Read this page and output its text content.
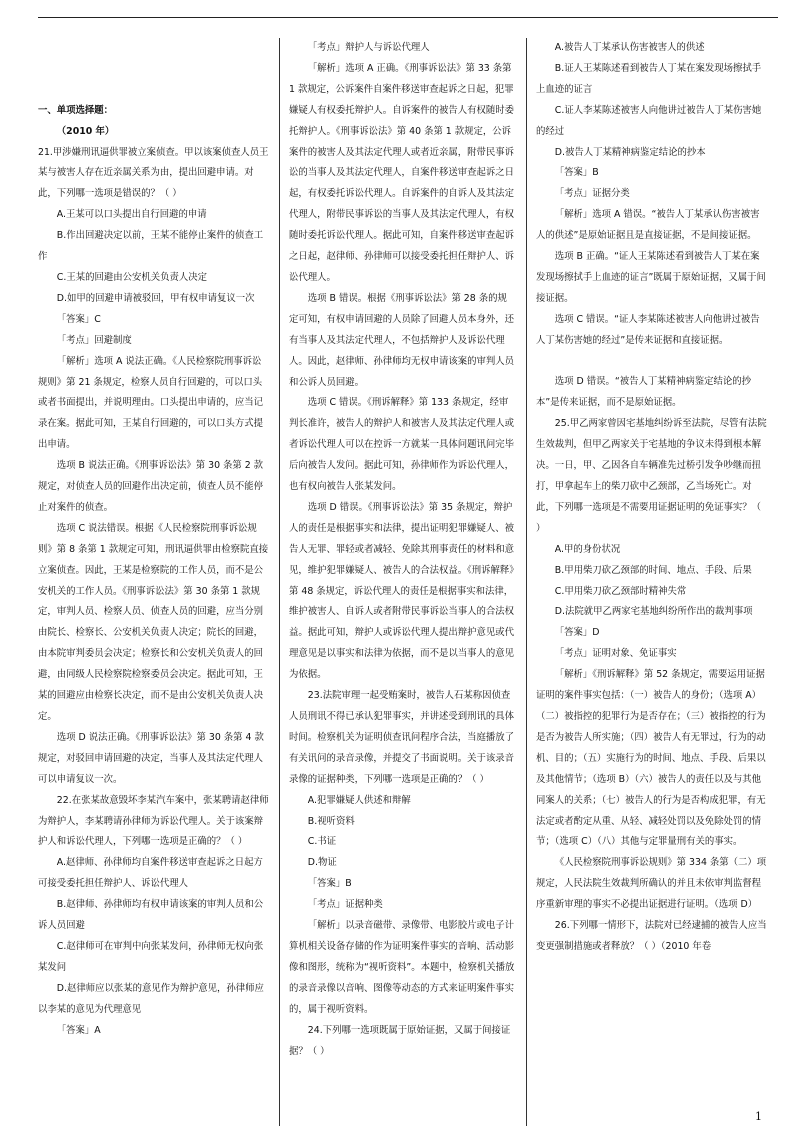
一、单项选择题：

（2010 年）

21.甲涉嫌刑讯逼供罪被立案侦查。甲以该案侦查人员王某与被害人存在近亲属关系为由，提出回避申请。对此，下列哪一选项是错误的？（ ）

A.王某可以口头提出自行回避的申请

B.作出回避决定以前，王某不能停止案件的侦查工作

C.王某的回避由公安机关负责人决定

D.如甲的回避申请被驳回，甲有权申请复议一次

「答案」C

「考点」回避制度

「解析」选项 A 说法正确。《人民检察院刑事诉讼规则》第 21 条规定，检察人员自行回避的，可以口头或者书面提出，并说明理由。口头提出申请的，应当记录在案。据此可知，王某自行回避的，可以口头方式提出申请。

选项 B 说法正确。《刑事诉讼法》第 30 条第 2 款规定，对侦查人员的回避作出决定前，侦查人员不能停止对案件的侦查。

选项 C 说法错误。根据《人民检察院刑事诉讼规则》第 8 条第 1 款规定可知，刑讯逼供罪由检察院直接立案侦查。因此，王某是检察院的工作人员，而不是公安机关的工作人员。《刑事诉讼法》第 30 条第 1 款规定，审判人员、检察人员、侦查人员的回避，应当分别由院长、检察长、公安机关负责人决定；院长的回避，由本院审判委员会决定；检察长和公安机关负责人的回避，由同级人民检察院检察委员会决定。据此可知，王某的回避应由检察长决定，而不是由公安机关负责人决定。

选项 D 说法正确。《刑事诉讼法》第 30 条第 4 款规定，对驳回申请回避的决定，当事人及其法定代理人可以申请复议一次。

22.在张某故意毁坏李某汽车案中，张某聘请赵律师为辩护人，李某聘请孙律师为诉讼代理人。关于该案辩护人和诉讼代理人，下列哪一选项是正确的？（ ）

A.赵律师、孙律师均自案件移送审查起诉之日起方可接受委托担任辩护人、诉讼代理人

B.赵律师、孙律师均有权申请该案的审判人员和公诉人员回避

C.赵律师可在审判中向张某发问，孙律师无权向张某发问

D.赵律师应以张某的意见作为辩护意见，孙律师应以李某的意见为代理意见

「答案」A

「考点」辩护人与诉讼代理人

「解析」选项 A 正确。《刑事诉讼法》第 33 条第 1 款规定，公诉案件自案件移送审查起诉之日起，犯罪嫌疑人有权委托辩护人。自诉案件的被告人有权随时委托辩护人。《刑事诉讼法》第 40 条第 1 款规定，公诉案件的被害人及其法定代理人或者近亲属，附带民事诉讼的当事人及其法定代理人，自案件移送审查起诉之日起，有权委托诉讼代理人。自诉案件的自诉人及其法定代理人，附带民事诉讼的当事人及其法定代理人，有权随时委托诉讼代理人。据此可知，自案件移送审查起诉之日起，赵律师、孙律师可以接受委托担任辩护人、诉讼代理人。

选项 B 错误。根据《刑事诉讼法》第 28 条的规定可知，有权申请回避的人员除了回避人员本身外，还有当事人及其法定代理人，不包括辩护人及诉讼代理人。因此，赵律师、孙律师均无权申请该案的审判人员和公诉人员回避。

选项 C 错误。《刑诉解释》第 133 条规定，经审判长准许，被告人的辩护人和被害人及其法定代理人或者诉讼代理人可以在控诉一方就某一具体问题讯问完毕后向被告人发问。据此可知，孙律师作为诉讼代理人，也有权向被告人张某发问。

选项 D 错误。《刑事诉讼法》第 35 条规定，辩护人的责任是根据事实和法律，提出证明犯罪嫌疑人、被告人无罪、罪轻或者减轻、免除其刑事责任的材料和意见，维护犯罪嫌疑人、被告人的合法权益。《刑诉解释》第 48 条规定，诉讼代理人的责任是根据事实和法律，维护被害人、自诉人或者附带民事诉讼当事人的合法权益。据此可知，辩护人或诉讼代理人提出辩护意见或代理意见是以事实和法律为依据，而不是以当事人的意见为依据。

23.法院审理一起受贿案时，被告人石某称因侦查人员刑讯不得已承认犯罪事实，并讲述受到刑讯的具体时间。检察机关为证明侦查讯问程序合法，当庭播放了有关讯问的录音录像，并提交了书面说明。关于该录音录像的证据种类，下列哪一选项是正确的？（ ）

A.犯罪嫌疑人供述和辩解

B.视听资料

C.书证

D.物证

「答案」B

「考点」证据种类

「解析」以录音磁带、录像带、电影胶片或电子计算机相关设备存储的作为证明案件事实的音响、活动影像和图形，统称为“视听资料”。本题中，检察机关播放的录音录像以音响、图像等动态的方式来证明案件事实的，属于视听资料。

24.下列哪一选项既属于原始证据，又属于间接证据？（ ）

A.被告人丁某承认伤害被害人的供述

B.证人王某陈述看到被告人丁某在案发现场擦拭手上血迹的证言

C.证人李某陈述被害人向他讲过被告人丁某伤害她的经过

D.被告人丁某精神病鉴定结论的抄本

「答案」B

「考点」证据分类

「解析」选项 A 错误。“被告人丁某承认伤害被害人的供述”是原始证据且是直接证据，不是间接证据。

选项 B 正确。“证人王某陈述看到被告人丁某在案发现场擦拭手上血迹的证言”既属于原始证据，又属于间接证据。

选项 C 错误。“证人李某陈述被害人向他讲过被告人丁某伤害她的经过”是传来证据和直接证据。

选项 D 错误。“被告人丁某精神病鉴定结论的抄本”是传来证据，而不是原始证据。

25.甲乙两家曾因宅基地纠纷诉至法院，尽管有法院生效裁判，但甲乙两家关于宅基地的争议未得到根本解决。一日，甲、乙因各自车辆准先过桥引发争吵继而扭打，甲拿起车上的柴刀砍中乙颈部，乙当场死亡。对此，下列哪一选项是不需要用证据证明的免证事实？（ ）

A.甲的身份状况

B.甲用柴刀砍乙颈部的时间、地点、手段、后果

C.甲用柴刀砍乙颈部时精神失常

D.法院就甲乙两家宅基地纠纷所作出的裁判事项

「答案」D

「考点」证明对象、免证事实

「解析」《刑诉解释》第 52 条规定，需要运用证据证明的案件事实包括：（一）被告人的身份；（选项 A）（二）被指控的犯罪行为是否存在；（三）被指控的行为是否为被告人所实施；（四）被告人有无罪过，行为的动机、目的；（五）实施行为的时间、地点、手段、后果以及其他情节；（选项 B）（六）被告人的责任以及与其他同案人的关系；（七）被告人的行为是否构成犯罪，有无法定或者酌定从重、从轻、减轻处罚以及免除处罚的情节；（选项 C）（八）其他与定罪量刑有关的事实。

《人民检察院刑事诉讼规则》第 334 条第（二）项规定，人民法院生效裁判所确认的并且未依审判监督程序重新审理的事实不必提出证据进行证明。（选项 D）

26.下列哪一情形下，法院对已经逮捕的被告人应当变更强制措施或者释放？（ ）（2010 年卷

1
